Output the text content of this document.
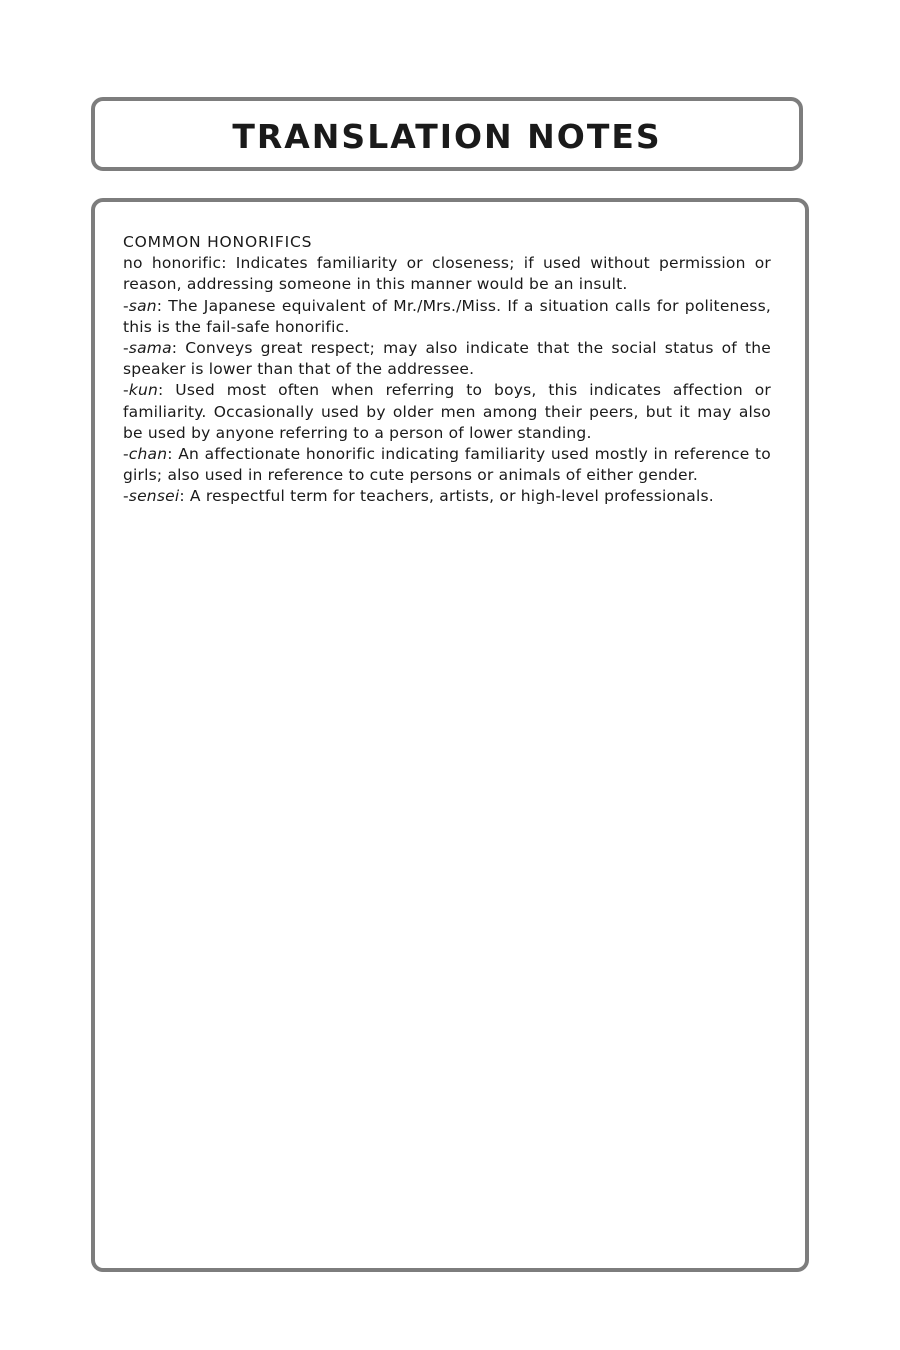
TRANSLATION NOTES
COMMON HONORIFICS

no honorific: Indicates familiarity or closeness; if used without permission or reason, addressing someone in this manner would be an insult.

-san: The Japanese equivalent of Mr./Mrs./Miss. If a situation calls for politeness, this is the fail-safe honorific.

-sama: Conveys great respect; may also indicate that the social status of the speaker is lower than that of the addressee.

-kun: Used most often when referring to boys, this indicates affection or familiarity. Occasionally used by older men among their peers, but it may also be used by anyone referring to a person of lower standing.

-chan: An affectionate honorific indicating familiarity used mostly in reference to girls; also used in reference to cute persons or animals of either gender.

-sensei: A respectful term for teachers, artists, or high-level professionals.
